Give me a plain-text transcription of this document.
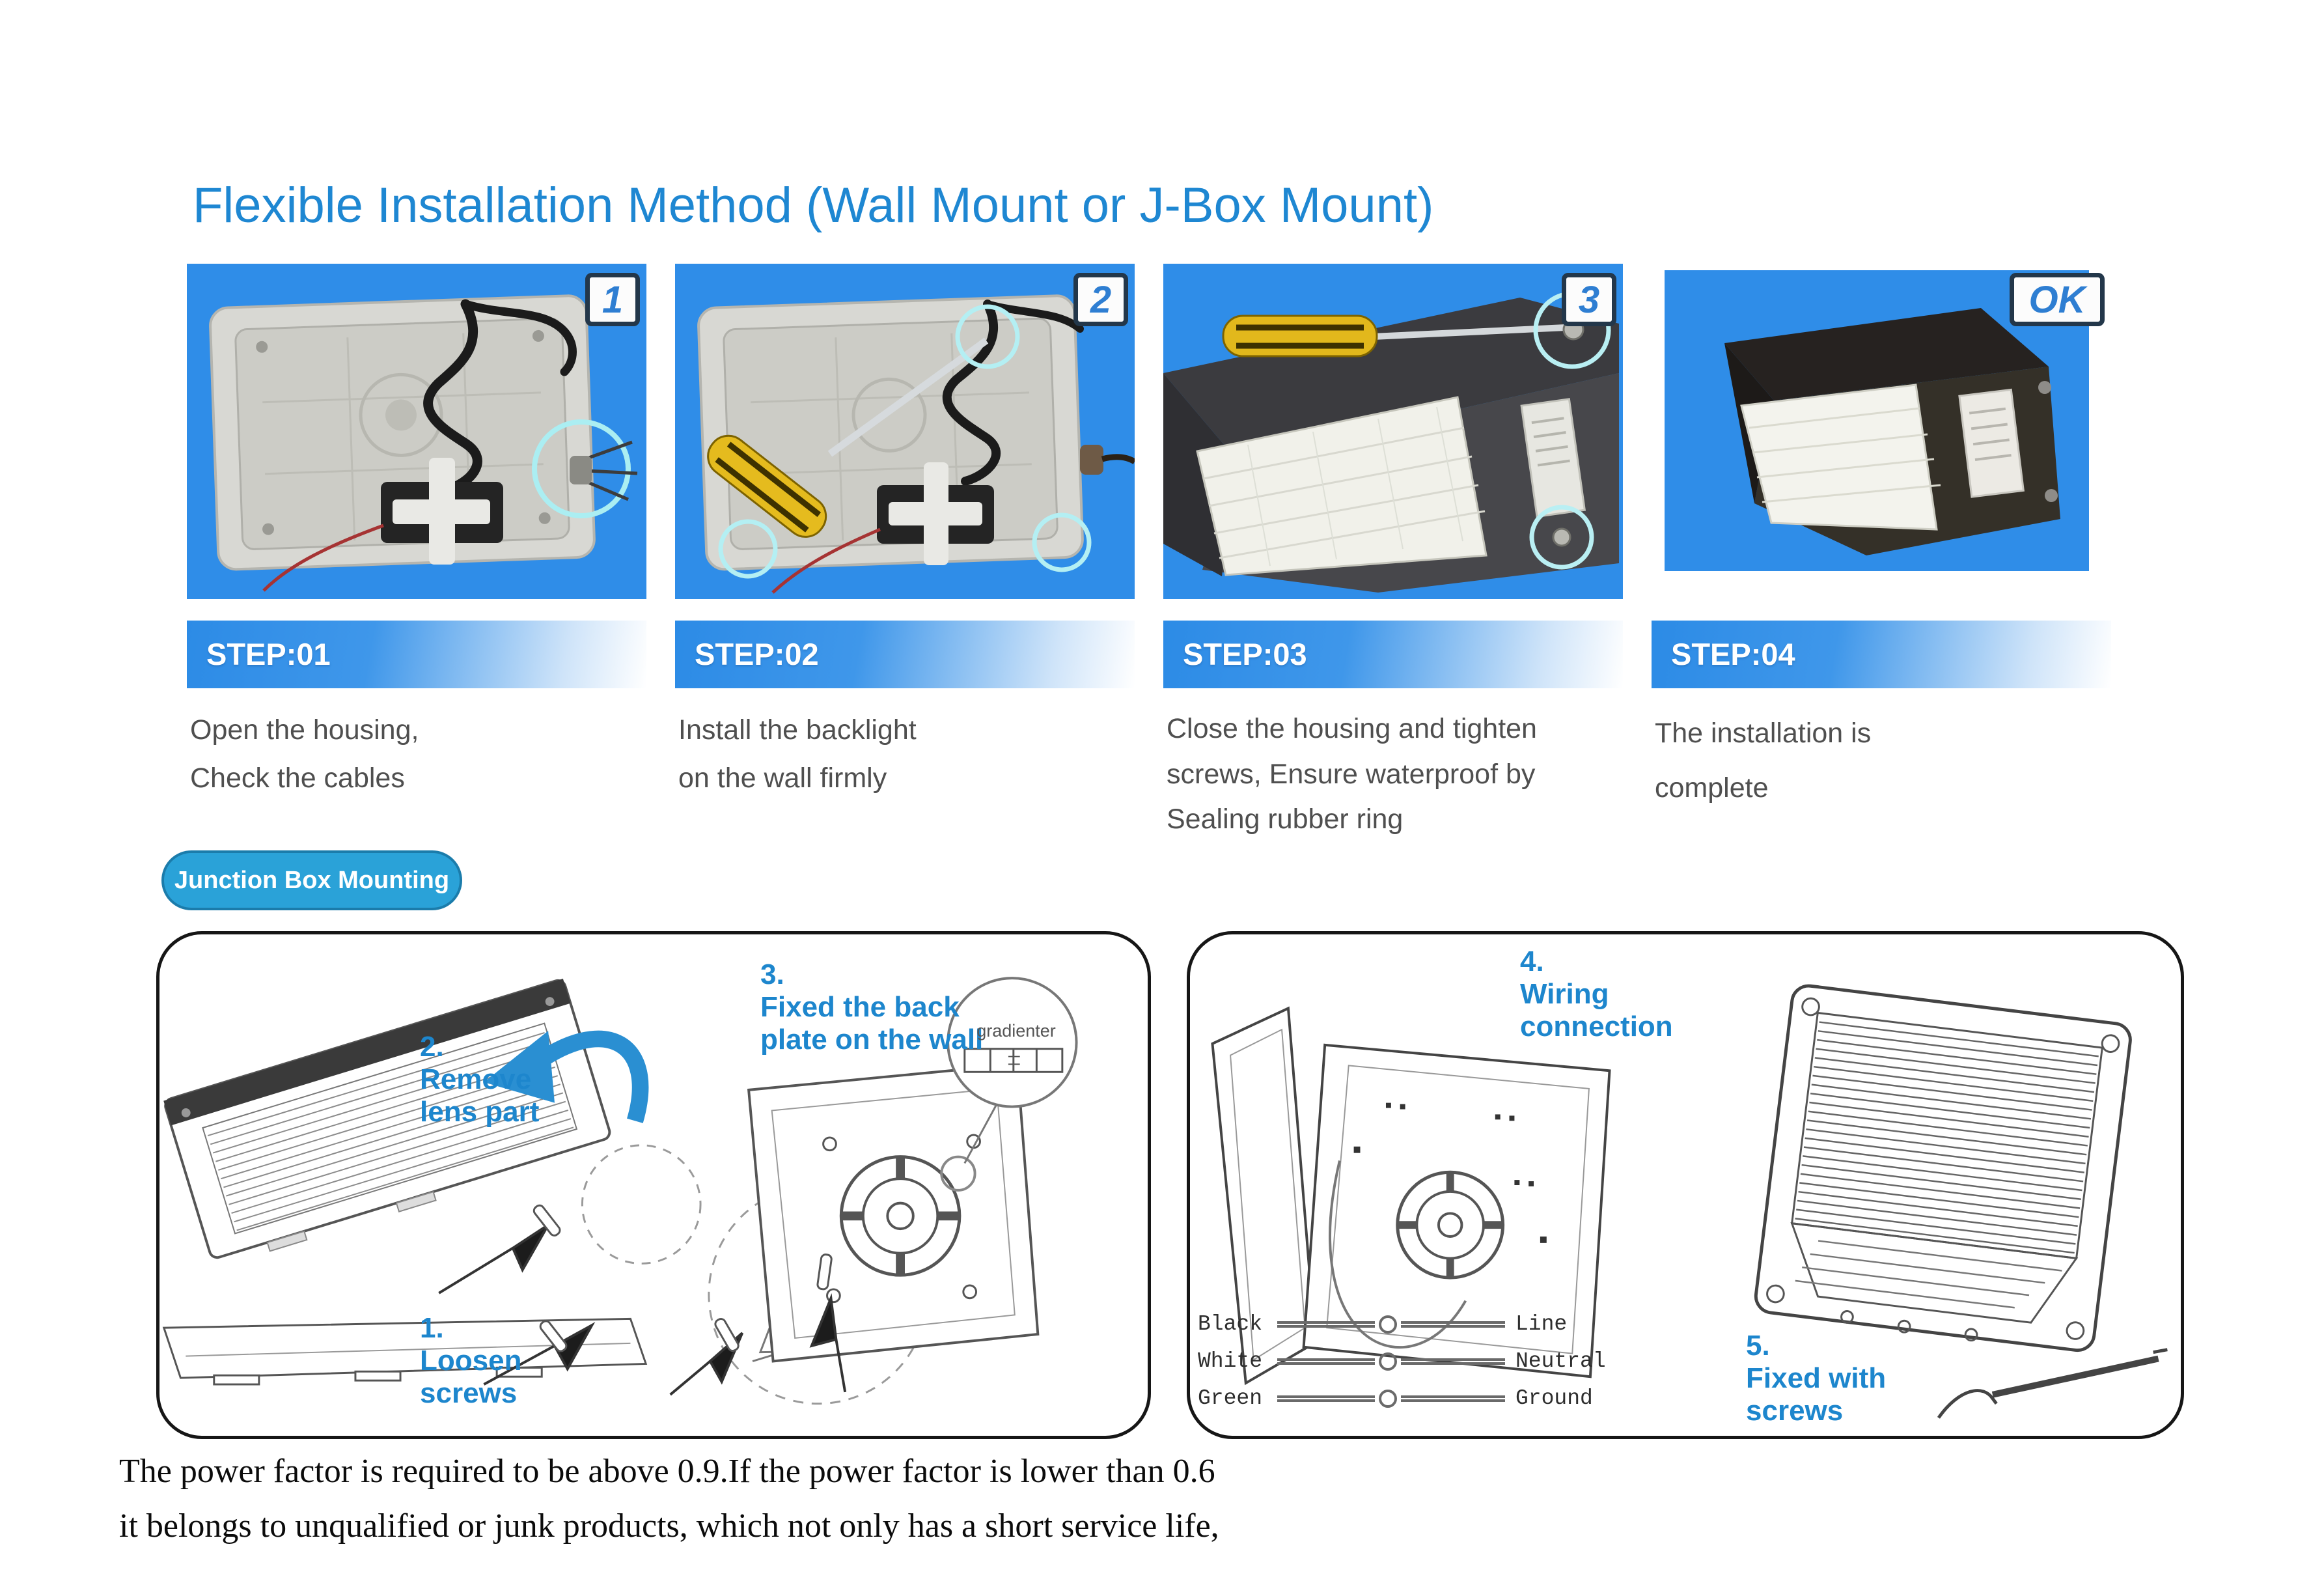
Flexible Installation Method (Wall Mount or J-Box Mount)
1	2	3	OK
STEP:01	STEP:02	STEP:03	STEP:04
Open the housing,
Check the cables
Install the backlight
on the wall firmly
Close the housing and tighten
screws, Ensure waterproof by
Sealing rubber ring
The installation is
complete
Junction Box Mounting
2.
Remove
lens part
3.
Fixed the back
plate on the wall
1.
Loosen
screws
4.
Wiring
connection
5.
Fixed with
screws
gradienter
Black	Line
White	Neutral
Green	Ground
The power factor is required to be above 0.9.If the power factor is lower than 0.6
it belongs to unqualified or junk products, which not only has a short service life,
